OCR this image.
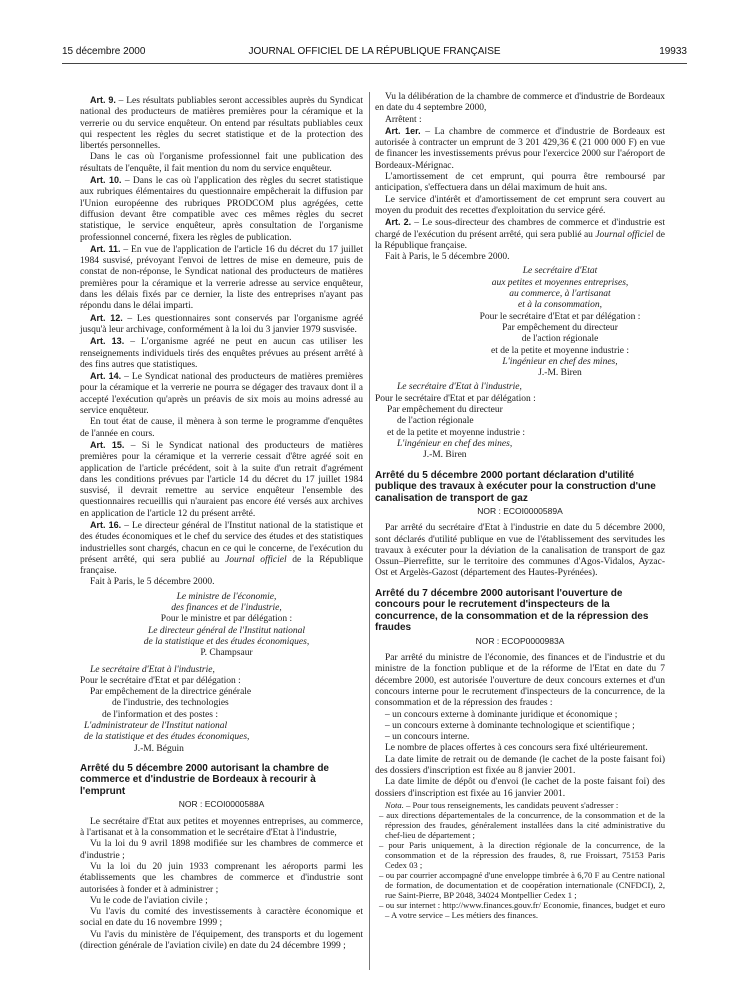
15 décembre 2000	JOURNAL OFFICIEL DE LA RÉPUBLIQUE FRANÇAISE	19933

Art. 9. – Les résultats publiables seront accessibles auprès du Syndicat national des producteurs de matières premières pour la céramique et la verrerie ou du service enquêteur. On entend par résultats publiables ceux qui respectent les règles du secret statistique et de la protection des libertés personnelles.

Dans le cas où l'organisme professionnel fait une publication des résultats de l'enquête, il fait mention du nom du service enquêteur.

Art. 10. – Dans le cas où l'application des règles du secret statistique aux rubriques élémentaires du questionnaire empêcherait la diffusion par l'Union européenne des rubriques PRODCOM plus agrégées, cette diffusion devant être compatible avec ces mêmes règles du secret statistique, le service enquêteur, après consultation de l'organisme professionnel concerné, fixera les règles de publication.

Art. 11. – En vue de l'application de l'article 16 du décret du 17 juillet 1984 susvisé, prévoyant l'envoi de lettres de mise en demeure, puis de constat de non-réponse, le Syndicat national des producteurs de matières premières pour la céramique et la verrerie adresse au service enquêteur, dans les délais fixés par ce dernier, la liste des entreprises n'ayant pas répondu dans le délai imparti.

Art. 12. – Les questionnaires sont conservés par l'organisme agréé jusqu'à leur archivage, conformément à la loi du 3 janvier 1979 susvisée.

Art. 13. – L'organisme agréé ne peut en aucun cas utiliser les renseignements individuels tirés des enquêtes prévues au présent arrêté à des fins autres que statistiques.

Art. 14. – Le Syndicat national des producteurs de matières premières pour la céramique et la verrerie ne pourra se dégager des travaux dont il a accepté l'exécution qu'après un préavis de six mois au moins adressé au service enquêteur.

En tout état de cause, il mènera à son terme le programme d'enquêtes de l'année en cours.

Art. 15. – Si le Syndicat national des producteurs de matières premières pour la céramique et la verrerie cessait d'être agréé soit en application de l'article précédent, soit à la suite d'un retrait d'agrément dans les conditions prévues par l'article 14 du décret du 17 juillet 1984 susvisé, il devrait remettre au service enquêteur l'ensemble des questionnaires recueillis qui n'auraient pas encore été versés aux archives en application de l'article 12 du présent arrêté.

Art. 16. – Le directeur général de l'Institut national de la statistique et des études économiques et le chef du service des études et des statistiques industrielles sont chargés, chacun en ce qui le concerne, de l'exécution du présent arrêté, qui sera publié au Journal officiel de la République française.

Fait à Paris, le 5 décembre 2000.

Le ministre de l'économie,

des finances et de l'industrie,

Pour le ministre et par délégation :

Le directeur général de l'Institut national

de la statistique et des études économiques,

P. Champsaur

Le secrétaire d'Etat à l'industrie,

Pour le secrétaire d'Etat et par délégation :

Par empêchement de la directrice générale

de l'industrie, des technologies

de l'information et des postes :

L'administrateur de l'Institut national

de la statistique et des études économiques,

J.-M. Béguin

Arrêté du 5 décembre 2000 autorisant la chambre de commerce et d'industrie de Bordeaux à recourir à l'emprunt
NOR : ECOI0000588A

Le secrétaire d'Etat aux petites et moyennes entreprises, au commerce, à l'artisanat et à la consommation et le secrétaire d'Etat à l'industrie,

Vu la loi du 9 avril 1898 modifiée sur les chambres de commerce et d'industrie ;

Vu la loi du 20 juin 1933 comprenant les aéroports parmi les établissements que les chambres de commerce et d'industrie sont autorisées à fonder et à administrer ;

Vu le code de l'aviation civile ;

Vu l'avis du comité des investissements à caractère économique et social en date du 16 novembre 1999 ;

Vu l'avis du ministère de l'équipement, des transports et du logement (direction générale de l'aviation civile) en date du 24 décembre 1999 ;

Vu la délibération de la chambre de commerce et d'industrie de Bordeaux en date du 4 septembre 2000,

Arrêtent :

Art. 1er. – La chambre de commerce et d'industrie de Bordeaux est autorisée à contracter un emprunt de 3 201 429,36 € (21 000 000 F) en vue de financer les investissements prévus pour l'exercice 2000 sur l'aéroport de Bordeaux-Mérignac.

L'amortissement de cet emprunt, qui pourra être remboursé par anticipation, s'effectuera dans un délai maximum de huit ans.

Le service d'intérêt et d'amortissement de cet emprunt sera couvert au moyen du produit des recettes d'exploitation du service géré.

Art. 2. – Le sous-directeur des chambres de commerce et d'industrie est chargé de l'exécution du présent arrêté, qui sera publié au Journal officiel de la République française.

Fait à Paris, le 5 décembre 2000.

Le secrétaire d'Etat

aux petites et moyennes entreprises,

au commerce, à l'artisanat

et à la consommation,

Pour le secrétaire d'Etat et par délégation :

Par empêchement du directeur

de l'action régionale

et de la petite et moyenne industrie :

L'ingénieur en chef des mines,

J.-M. Biren

Le secrétaire d'Etat à l'industrie,

Pour le secrétaire d'Etat et par délégation :

Par empêchement du directeur

de l'action régionale

et de la petite et moyenne industrie :

L'ingénieur en chef des mines,

J.-M. Biren

Arrêté du 5 décembre 2000 portant déclaration d'utilité publique des travaux à exécuter pour la construction d'une canalisation de transport de gaz
NOR : ECOI0000589A

Par arrêté du secrétaire d'Etat à l'industrie en date du 5 décembre 2000, sont déclarés d'utilité publique en vue de l'établissement des servitudes les travaux à exécuter pour la déviation de la canalisation de transport de gaz Ossun–Pierrefitte, sur le territoire des communes d'Agos-Vidalos, Ayzac-Ost et Argelès-Gazost (département des Hautes-Pyrénées).

Arrêté du 7 décembre 2000 autorisant l'ouverture de concours pour le recrutement d'inspecteurs de la concurrence, de la consommation et de la répression des fraudes
NOR : ECOP0000983A

Par arrêté du ministre de l'économie, des finances et de l'industrie et du ministre de la fonction publique et de la réforme de l'Etat en date du 7 décembre 2000, est autorisée l'ouverture de deux concours externes et d'un concours interne pour le recrutement d'inspecteurs de la concurrence, de la consommation et de la répression des fraudes :

– un concours externe à dominante juridique et économique ;

– un concours externe à dominante technologique et scientifique ;

– un concours interne.

Le nombre de places offertes à ces concours sera fixé ultérieurement.

La date limite de retrait ou de demande (le cachet de la poste faisant foi) des dossiers d'inscription est fixée au 8 janvier 2001.

La date limite de dépôt ou d'envoi (le cachet de la poste faisant foi) des dossiers d'inscription est fixée au 16 janvier 2001.

Nota. – Pour tous renseignements, les candidats peuvent s'adresser :

– aux directions départementales de la concurrence, de la consommation et de la répression des fraudes, généralement installées dans la cité administrative du chef-lieu de département ;

– pour Paris uniquement, à la direction régionale de la concurrence, de la consommation et de la répression des fraudes, 8, rue Froissart, 75153 Paris Cedex 03 ;

– ou par courrier accompagné d'une enveloppe timbrée à 6,70 F au Centre national de formation, de documentation et de coopération internationale (CNFDCI), 2, rue Saint-Pierre, BP 2048, 34024 Montpellier Cedex 1 ;

– ou sur internet : http://www.finances.gouv.fr/ Economie, finances, budget et euro – A votre service – Les métiers des finances.
